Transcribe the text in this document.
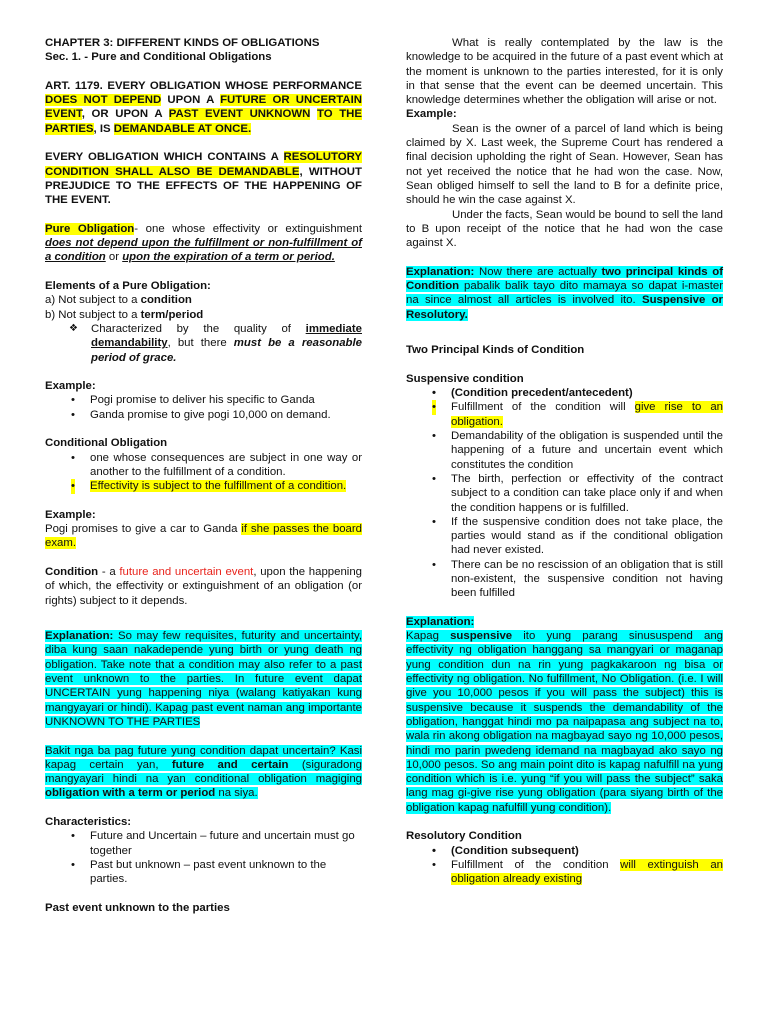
CHAPTER 3: DIFFERENT KINDS OF OBLIGATIONS

Sec. 1. - Pure and Conditional Obligations

ART. 1179. EVERY OBLIGATION WHOSE PERFORMANCE DOES NOT DEPEND UPON A FUTURE OR UNCERTAIN EVENT, OR UPON A PAST EVENT UNKNOWN TO THE PARTIES, IS DEMANDABLE AT ONCE.

EVERY OBLIGATION WHICH CONTAINS A RESOLUTORY CONDITION SHALL ALSO BE DEMANDABLE, WITHOUT PREJUDICE TO THE EFFECTS OF THE HAPPENING OF THE EVENT.

Pure Obligation- one whose effectivity or extinguishment does not depend upon the fulfillment or non-fulfillment of a condition or upon the expiration of a term or period.

Elements of a Pure Obligation:

a) Not subject to a condition

b) Not subject to a term/period

❖ Characterized by the quality of immediate demandability, but there must be a reasonable period of grace.

Example:

• Pogi promise to deliver his specific to Ganda
• Ganda promise to give pogi 10,000 on demand.

Conditional Obligation

• one whose consequences are subject in one way or another to the fulfillment of a condition.
• Effectivity is subject to the fulfillment of a condition.

Example:

Pogi promises to give a car to Ganda if she passes the board exam.

Condition - a future and uncertain event, upon the happening of which, the effectivity or extinguishment of an obligation (or rights) subject to it depends.

Explanation: So may few requisites, futurity and uncertainty, diba kung saan nakadepende yung birth or yung death ng obligation. Take note that a condition may also refer to a past event unknown to the parties. In future event dapat UNCERTAIN yung happening niya (walang katiyakan kung mangyayari or hindi). Kapag past event naman ang importante UNKNOWN TO THE PARTIES

Bakit nga ba pag future yung condition dapat uncertain? Kasi kapag certain yan, future and certain (siguradong mangyayari hindi na yan conditional obligation magiging obligation with a term or period na siya.

Characteristics:

• Future and Uncertain – future and uncertain must go together
• Past but unknown – past event unknown to the parties.

Past event unknown to the parties

What is really contemplated by the law is the knowledge to be acquired in the future of a past event which at the moment is unknown to the parties interested, for it is only in that sense that the event can be deemed uncertain. This knowledge determines whether the obligation will arise or not.

Example:

Sean is the owner of a parcel of land which is being claimed by X. Last week, the Supreme Court has rendered a final decision upholding the right of Sean. However, Sean has not yet received the notice that he had won the case. Now, Sean obliged himself to sell the land to B for a definite price, should he win the case against X.

Under the facts, Sean would be bound to sell the land to B upon receipt of the notice that he had won the case against X.

Explanation: Now there are actually two principal kinds of Condition pabalik balik tayo dito mamaya so dapat i-master na since almost all articles is involved ito. Suspensive or Resolutory.

Two Principal Kinds of Condition

Suspensive condition

• (Condition precedent/antecedent)
• Fulfillment of the condition will give rise to an obligation.
• Demandability of the obligation is suspended until the happening of a future and uncertain event which constitutes the condition
• The birth, perfection or effectivity of the contract subject to a condition can take place only if and when the condition happens or is fulfilled.
• If the suspensive condition does not take place, the parties would stand as if the conditional obligation had never existed.
• There can be no rescission of an obligation that is still non-existent, the suspensive condition not having been fulfilled

Explanation:

Kapag suspensive ito yung parang sinususpend ang effectivity ng obligation hanggang sa mangyari or maganap yung condition dun na rin yung pagkakaroon ng bisa or effectivity ng obligation. No fulfillment, No Obligation. (i.e. I will give you 10,000 pesos if you will pass the subject) this is suspensive because it suspends the demandability of the obligation, hanggat hindi mo pa naipapasa ang subject na to, wala rin akong obligation na magbayad sayo ng 10,000 pesos, hindi mo parin pwedeng idemand na magbayad ako sayo ng 10,000 pesos. So ang main point dito is kapag nafulfill na yung condition which is i.e. yung “if you will pass the subject” saka lang mag gi-give rise yung obligation (para siyang birth of the obligation kapag nafulfill yung condition).

Resolutory Condition

• (Condition subsequent)
• Fulfillment of the condition will extinguish an obligation already existing
